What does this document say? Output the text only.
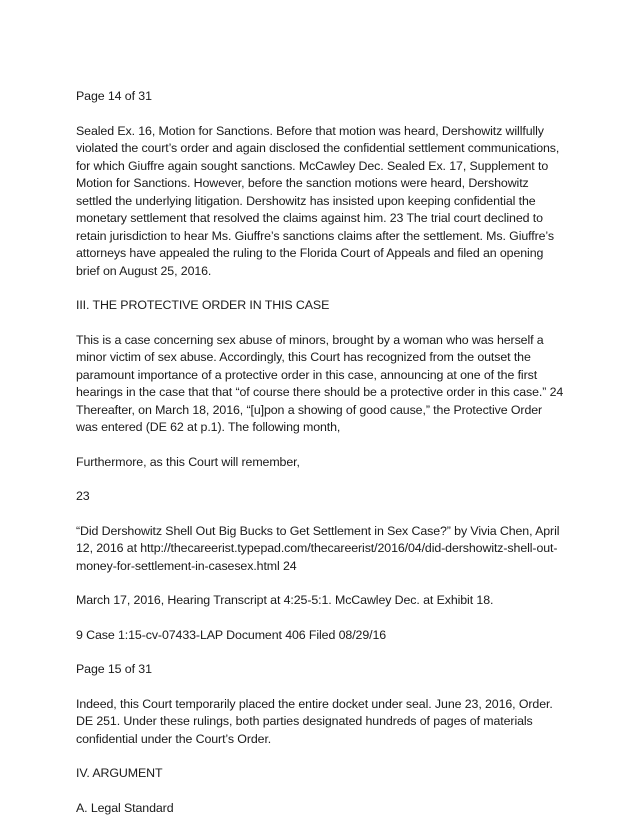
Page 14 of 31

Sealed Ex. 16, Motion for Sanctions. Before that motion was heard, Dershowitz willfully violated the court’s order and again disclosed the confidential settlement communications, for which Giuffre again sought sanctions. McCawley Dec. Sealed Ex. 17, Supplement to Motion for Sanctions. However, before the sanction motions were heard, Dershowitz settled the underlying litigation. Dershowitz has insisted upon keeping confidential the monetary settlement that resolved the claims against him. 23 The trial court declined to retain jurisdiction to hear Ms. Giuffre’s sanctions claims after the settlement. Ms. Giuffre’s attorneys have appealed the ruling to the Florida Court of Appeals and filed an opening brief on August 25, 2016.

III. THE PROTECTIVE ORDER IN THIS CASE

This is a case concerning sex abuse of minors, brought by a woman who was herself a minor victim of sex abuse. Accordingly, this Court has recognized from the outset the paramount importance of a protective order in this case, announcing at one of the first hearings in the case that that “of course there should be a protective order in this case.” 24 Thereafter, on March 18, 2016, “[u]pon a showing of good cause,” the Protective Order was entered (DE 62 at p.1). The following month,

Furthermore, as this Court will remember,

23

“Did Dershowitz Shell Out Big Bucks to Get Settlement in Sex Case?” by Vivia Chen, April 12, 2016 at http://thecareerist.typepad.com/thecareerist/2016/04/did-dershowitz-shell-out-money-for-settlement-in-casesex.html 24

March 17, 2016, Hearing Transcript at 4:25-5:1. McCawley Dec. at Exhibit 18.

9 Case 1:15-cv-07433-LAP Document 406 Filed 08/29/16

Page 15 of 31

Indeed, this Court temporarily placed the entire docket under seal. June 23, 2016, Order. DE 251. Under these rulings, both parties designated hundreds of pages of materials confidential under the Court’s Order.

IV. ARGUMENT

A. Legal Standard
